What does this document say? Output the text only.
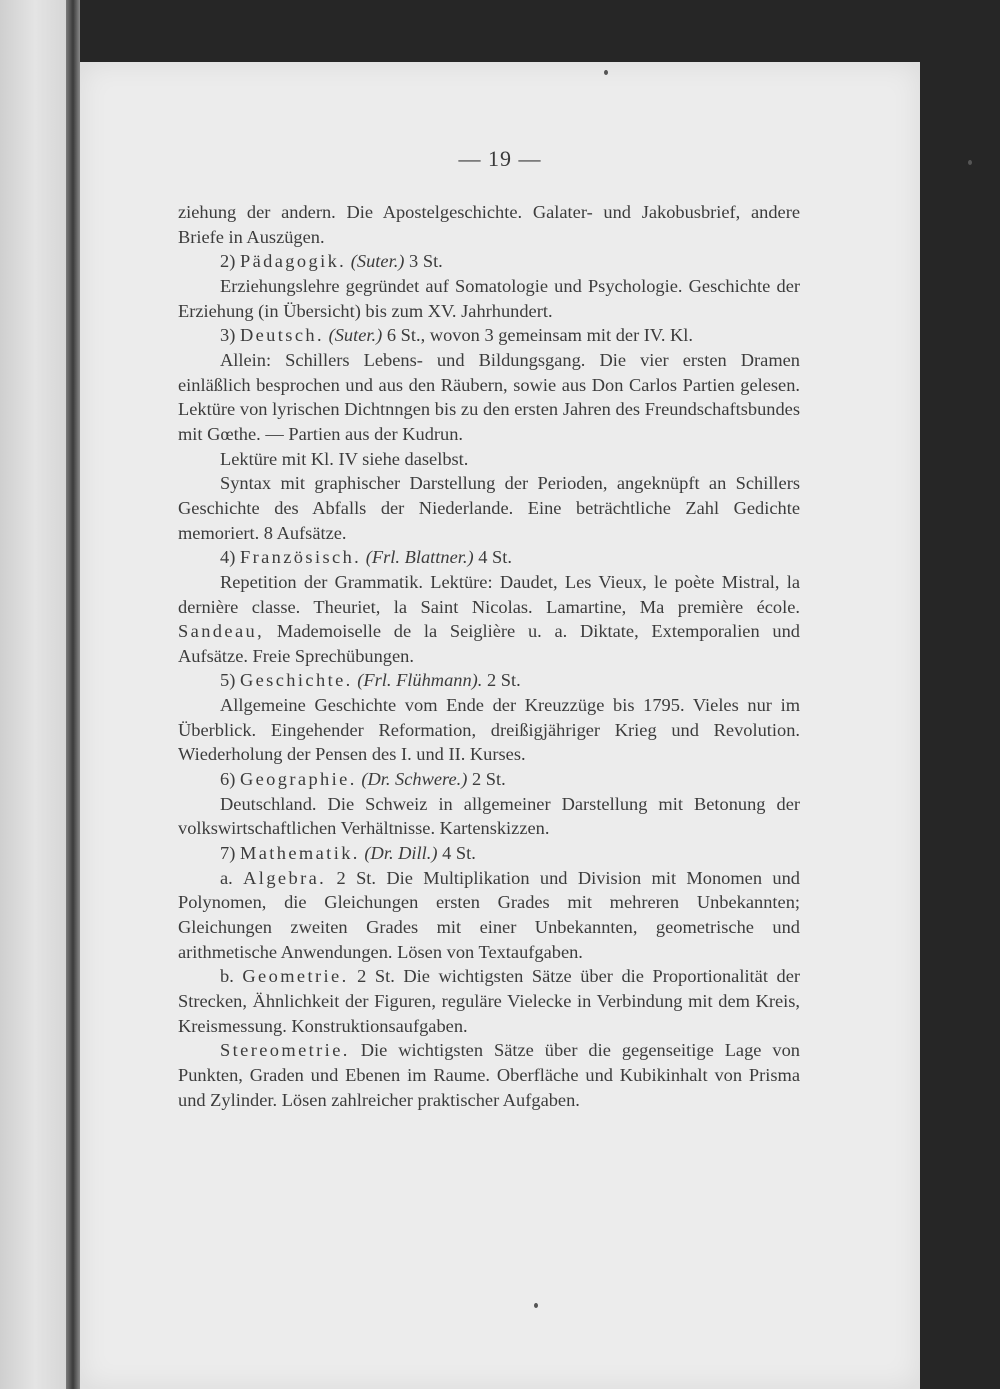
— 19 —

ziehung der andern. Die Apostelgeschichte. Galater- und Jakobusbrief, andere Briefe in Auszügen.

2) Pädagogik. (Suter.) 3 St.

Erziehungslehre gegründet auf Somatologie und Psychologie. Geschichte der Erziehung (in Übersicht) bis zum XV. Jahrhundert.

3) Deutsch. (Suter.) 6 St., wovon 3 gemeinsam mit der IV. Kl.

Allein: Schillers Lebens- und Bildungsgang. Die vier ersten Dramen einläßlich besprochen und aus den Räubern, sowie aus Don Carlos Partien gelesen. Lektüre von lyrischen Dichtnngen bis zu den ersten Jahren des Freundschaftsbundes mit Gœthe. — Partien aus der Kudrun.

Lektüre mit Kl. IV siehe daselbst.

Syntax mit graphischer Darstellung der Perioden, angeknüpft an Schillers Geschichte des Abfalls der Niederlande. Eine beträchtliche Zahl Gedichte memoriert. 8 Aufsätze.

4) Französisch. (Frl. Blattner.) 4 St.

Repetition der Grammatik. Lektüre: Daudet, Les Vieux, le poète Mistral, la dernière classe. Theuriet, la Saint Nicolas. Lamartine, Ma première école. Sandeau, Mademoiselle de la Seiglière u. a. Diktate, Extemporalien und Aufsätze. Freie Sprechübungen.

5) Geschichte. (Frl. Flühmann). 2 St.

Allgemeine Geschichte vom Ende der Kreuzzüge bis 1795. Vieles nur im Überblick. Eingehender Reformation, dreißigjähriger Krieg und Revolution. Wiederholung der Pensen des I. und II. Kurses.

6) Geographie. (Dr. Schwere.) 2 St.

Deutschland. Die Schweiz in allgemeiner Darstellung mit Betonung der volkswirtschaftlichen Verhältnisse. Kartenskizzen.

7) Mathematik. (Dr. Dill.) 4 St.

a. Algebra. 2 St. Die Multiplikation und Division mit Monomen und Polynomen, die Gleichungen ersten Grades mit mehreren Unbekannten; Gleichungen zweiten Grades mit einer Unbekannten, geometrische und arithmetische Anwendungen. Lösen von Textaufgaben.

b. Geometrie. 2 St. Die wichtigsten Sätze über die Proportionalität der Strecken, Ähnlichkeit der Figuren, reguläre Vielecke in Verbindung mit dem Kreis, Kreismessung. Konstruktionsaufgaben.

Stereometrie. Die wichtigsten Sätze über die gegenseitige Lage von Punkten, Graden und Ebenen im Raume. Oberfläche und Kubikinhalt von Prisma und Zylinder. Lösen zahlreicher praktischer Aufgaben.
